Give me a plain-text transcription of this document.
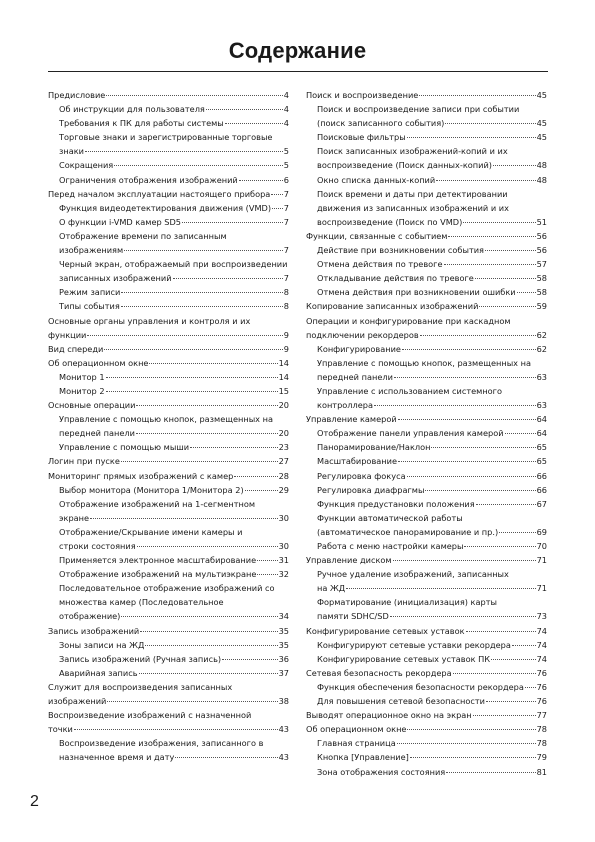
Содержание
Предисловие	4
Об инструкции для пользователя	4
Требования к ПК для работы системы	4
Торговые знаки и зарегистрированные торговые
знаки	5
Сокращения	5
Ограничения отображения изображений	6
Перед началом эксплуатации настоящего прибора 7
Функция видеодетектирования движения (VMD) 7
О функции i-VMD камер SD5	7
Отображение времени по записанным
изображениям	7
Черный экран, отображаемый при воспроизведении
записанных изображений	7
Режим записи	8
Типы события	8
Основные органы управления и контроля и их
функции	9
Вид спереди	9
Об операционном окне	14
Монитор 1	14
Монитор 2	15
Основные операции	20
Управление с помощью кнопок, размещенных на
передней панели	20
Управление с помощью мыши	23
Логин при пуске	27
Мониторинг прямых изображений с камер	28
Выбор монитора (Монитора 1/Монитора 2)	29
Отображение изображений на 1-сегментном
экране	30
Отображение/Скрывание имени камеры и
строки состояния	30
Применяется электронное масштабирование	31
Отображение изображений на мультиэкране	32
Последовательное отображение изображений со
множества камер (Последовательное
отображение)	34
Запись изображений	35
Зоны записи на ЖД	35
Запись изображений (Ручная запись)	36
Аварийная запись	37
Служит для воспроизведения записанных
изображений	38
Воспроизведение изображений с назначенной
точки	43
Воспроизведение изображения, записанного в
назначенное время и дату	43
Поиск и воспроизведение	45
Поиск и воспроизведение записи при событии
(поиск записанного события)	45
Поисковые фильтры	45
Поиск записанных изображений-копий и их
воспроизведение (Поиск данных-копий)	48
Окно списка данных-копий	48
Поиск времени и даты при детектировании
движения из записанных изображений и их
воспроизведение (Поиск по VMD)	51
Функции, связанные с событием	56
Действие при возникновении события	56
Отмена действия по тревоге	57
Откладывание действия по тревоге	58
Отмена действия при возникновении ошибки	58
Копирование записанных изображений	59
Операции и конфигурирование при каскадном
подключении рекордеров	62
Конфигурирование	62
Управление с помощью кнопок, размещенных на
передней панели	63
Управление с использованием системного
контроллера	63
Управление камерой	64
Отображение панели управления камерой	64
Панорамирование/Наклон	65
Масштабирование	65
Регулировка фокуса	66
Регулировка диафрагмы	66
Функция предустановки положения	67
Функции автоматической работы
(автоматическое панорамирование и пр.)	69
Работа с меню настройки камеры	70
Управление диском	71
Ручное удаление изображений, записанных
на ЖД	71
Форматирование (инициализация) карты
памяти SDHC/SD	73
Конфигурирование сетевых уставок	74
Конфигурируют сетевые уставки рекордера	74
Конфигурирование сетевых уставок ПК	74
Сетевая безопасность рекордера	76
Функция обеспечения безопасности рекордера 76
Для повышения сетевой безопасности	76
Выводят операционное окно на экран	77
Об операционном окне	78
Главная страница	78
Кнопка [Управление]	79
Зона отображения состояния	81
2
